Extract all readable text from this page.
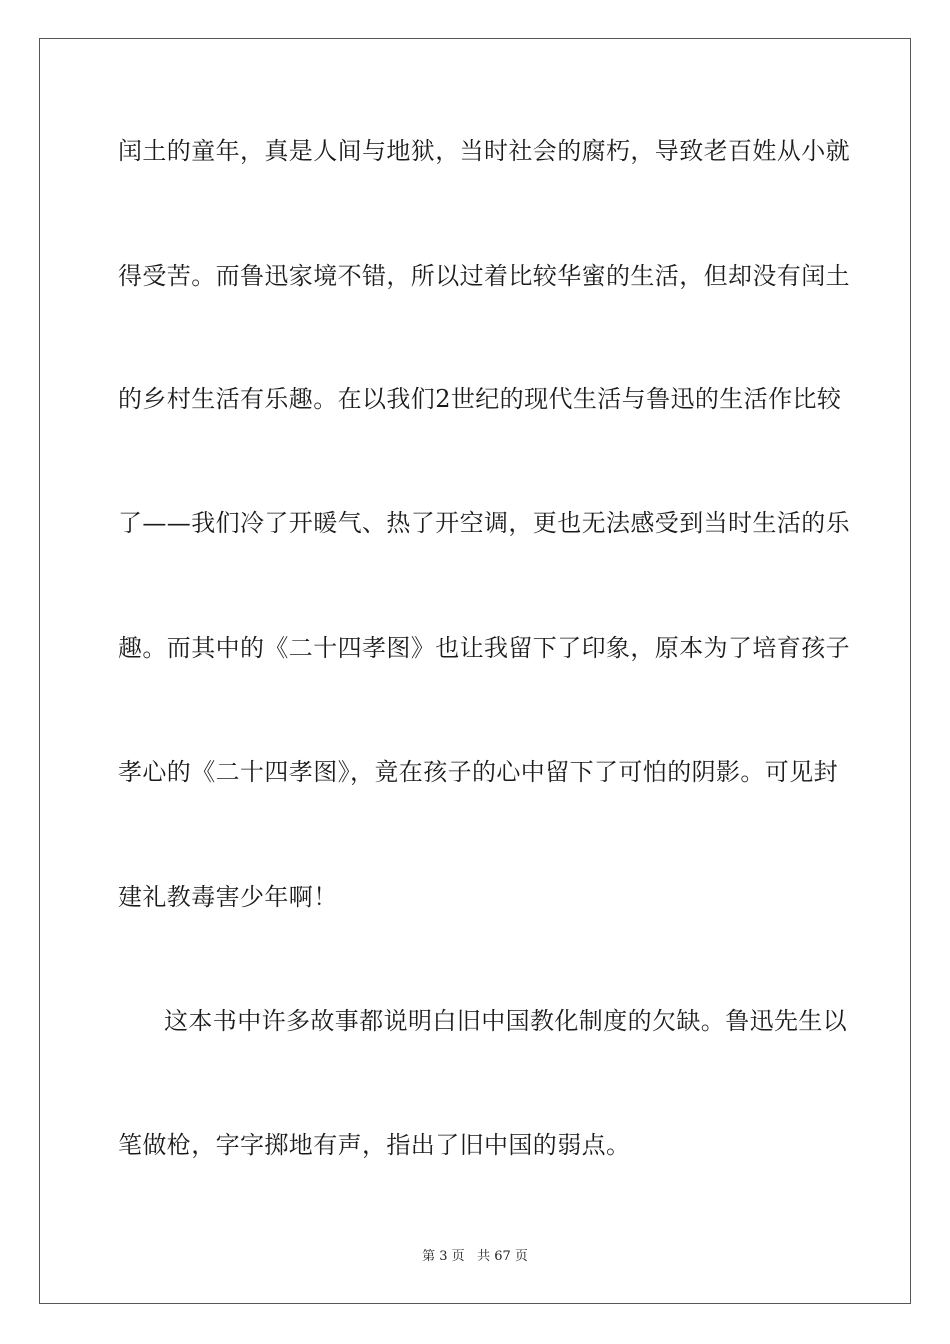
闰土的童年，真是人间与地狱，当时社会的腐朽，导致老百姓从小就
得受苦。而鲁迅家境不错，所以过着比较华蜜的生活，但却没有闰土
的乡村生活有乐趣。在以我们2世纪的现代生活与鲁迅的生活作比较
了——我们冷了开暖气、热了开空调，更也无法感受到当时生活的乐
趣。而其中的《二十四孝图》也让我留下了印象，原本为了培育孩子
孝心的《二十四孝图》，竟在孩子的心中留下了可怕的阴影。可见封
建礼教毒害少年啊！
这本书中许多故事都说明白旧中国教化制度的欠缺。鲁迅先生以
笔做枪，字字掷地有声，指出了旧中国的弱点。
第 3 页 共 67 页
